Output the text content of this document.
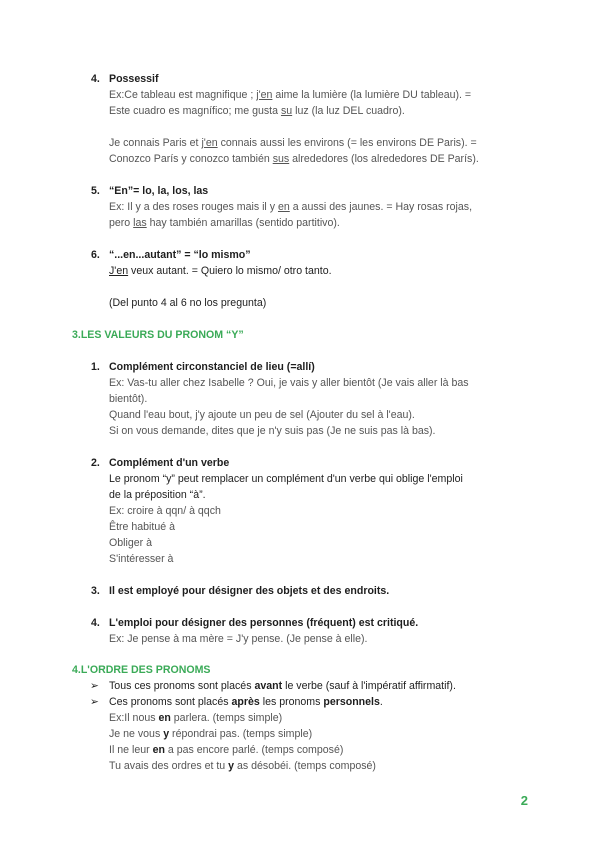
4. Possessif
Ex:Ce tableau est magnifique ; j'en aime la lumière (la lumière DU tableau). =
Este cuadro es magnífico; me gusta su luz (la luz DEL cuadro).
Je connais Paris et j'en connais aussi les environs (= les environs DE Paris). =
Conozco París y conozco también sus alrededores (los alrededores DE París).
5. “En”= lo, la, los, las
Ex: Il y a des roses rouges mais il y en a aussi des jaunes. = Hay rosas rojas,
pero las hay también amarillas (sentido partitivo).
6. “...en...autant” = “lo mismo”
J'en veux autant. = Quiero lo mismo/ otro tanto.
(Del punto 4 al 6 no los pregunta)
3.LES VALEURS DU PRONOM “Y”
1. Complément circonstanciel de lieu (=allí)
Ex: Vas-tu aller chez Isabelle ? Oui, je vais y aller bientôt (Je vais aller là bas
bientôt).
Quand l'eau bout, j'y ajoute un peu de sel (Ajouter du sel à l'eau).
Si on vous demande, dites que je n'y suis pas (Je ne suis pas là bas).
2. Complément d'un verbe
Le pronom “y” peut remplacer un complément d'un verbe qui oblige l'emploi
de la préposition “à”.
Ex: croire à qqn/ à qqch
Être habitué à
Obliger à
S'intéresser à
3. Il est employé pour désigner des objets et des endroits.
4. L'emploi pour désigner des personnes (fréquent) est critiqué.
Ex: Je pense à ma mère = J'y pense. (Je pense à elle).
4.L'ORDRE DES PRONOMS
➢ Tous ces pronoms sont placés avant le verbe (sauf à l'impératif affirmatif).
➢ Ces pronoms sont placés après les pronoms personnels.
Ex:Il nous en parlera. (temps simple)
Je ne vous y répondrai pas. (temps simple)
Il ne leur en a pas encore parlé. (temps composé)
Tu avais des ordres et tu y as désobéi. (temps composé)
2
